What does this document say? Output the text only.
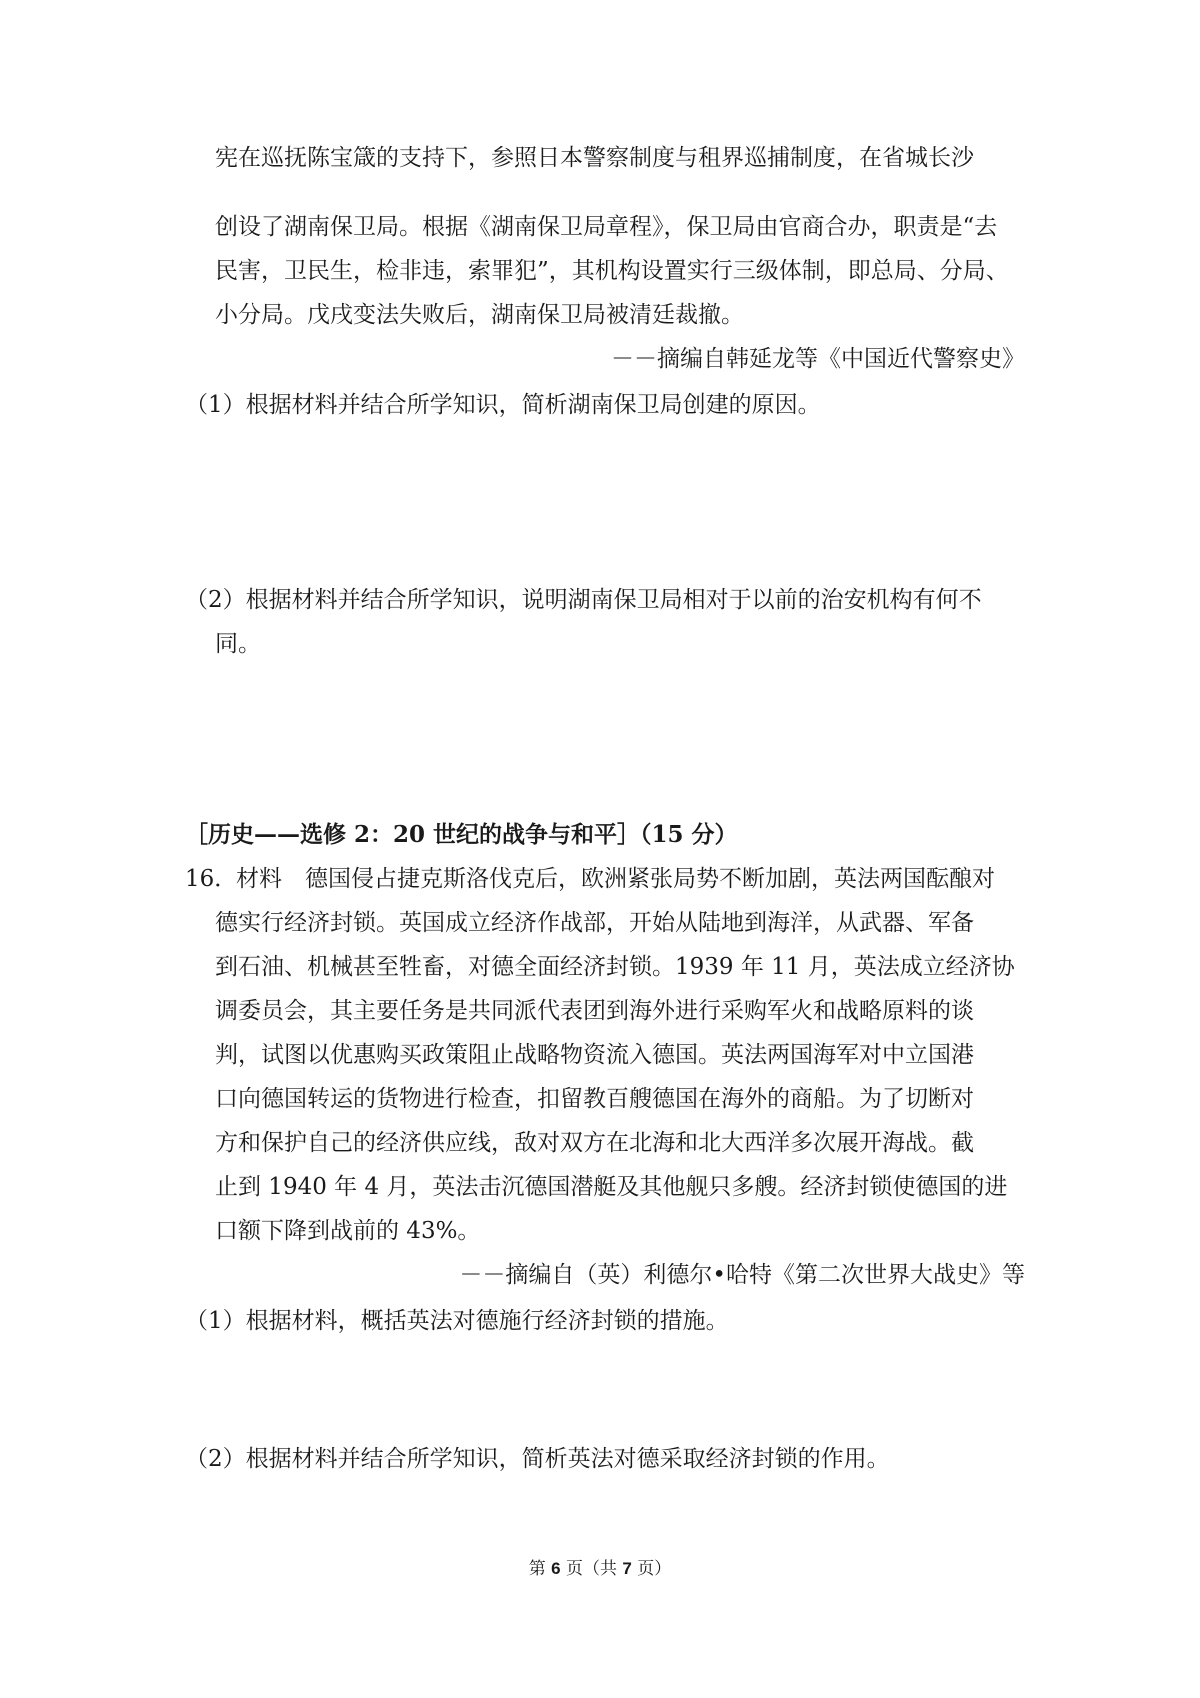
宪在巡抚陈宝箴的支持下，参照日本警察制度与租界巡捕制度，在省城长沙
创设了湖南保卫局。根据《湖南保卫局章程》，保卫局由官商合办，职责是“去
民害，卫民生，检非违，索罪犯”，其机构设置实行三级体制，即总局、分局、
小分局。戊戌变法失败后，湖南保卫局被清廷裁撤。
－－摘编自韩延龙等《中国近代警察史》
（1）根据材料并结合所学知识，简析湖南保卫局创建的原因。
（2）根据材料并结合所学知识，说明湖南保卫局相对于以前的治安机构有何不
同。
［历史——选修 2：20 世纪的战争与和平］（15 分）
16．
材料　德国侵占捷克斯洛伐克后，欧洲紧张局势不断加剧，英法两国酝酿对
德实行经济封锁。英国成立经济作战部，开始从陆地到海洋，从武器、军备
到石油、机械甚至牲畜，对德全面经济封锁。1939 年 11 月，英法成立经济协
调委员会，其主要任务是共同派代表团到海外进行采购军火和战略原料的谈
判，试图以优惠购买政策阻止战略物资流入德国。英法两国海军对中立国港
口向德国转运的货物进行检查，扣留教百艘德国在海外的商船。为了切断对
方和保护自己的经济供应线，敌对双方在北海和北大西洋多次展开海战。截
止到 1940 年 4 月，英法击沉德国潜艇及其他舰只多艘。经济封锁使德国的进
口额下降到战前的 43%。
－－摘编自（英）利德尔•哈特《第二次世界大战史》等
（1）根据材料，概括英法对德施行经济封锁的措施。
（2）根据材料并结合所学知识，简析英法对德采取经济封锁的作用。
第 6 页（共 7 页）
